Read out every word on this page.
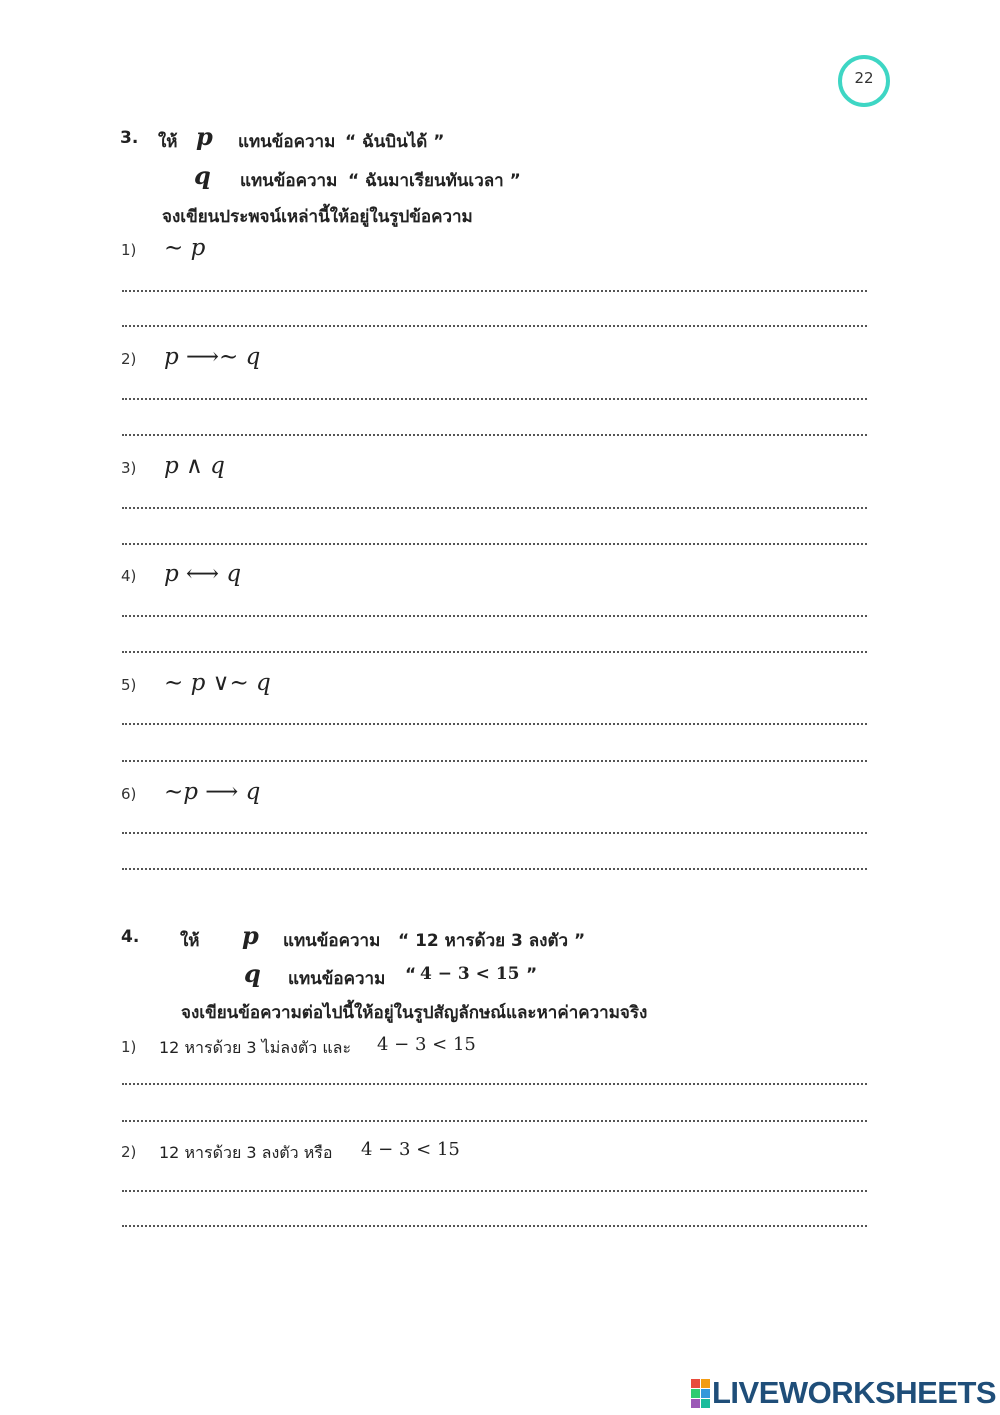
22
3. ให้ p แทนข้อความ “ ฉันบินได้ ”
q แทนข้อความ “ ฉันมาเรียนทันเวลา ”
จงเขียนประพจน์เหล่านี้ให้อยู่ในรูปข้อความ
1) ∼ p
2) p ⟶∼ q
3) p ∧ q
4) p ⟷ q
5) ∼ p ∨∼ q
6) ∼p ⟶ q
4. ให้ p แทนข้อความ “ 12 หารด้วย 3 ลงตัว ”
q แทนข้อความ “ 4 − 3 < 15 ”
จงเขียนข้อความต่อไปนี้ให้อยู่ในรูปสัญลักษณ์และหาค่าความจริง
1) 12 หารด้วย 3 ไม่ลงตัว และ 4 − 3 < 15
2) 12 หารด้วย 3 ลงตัว หรือ 4 − 3 < 15
LIVEWORKSHEETS
